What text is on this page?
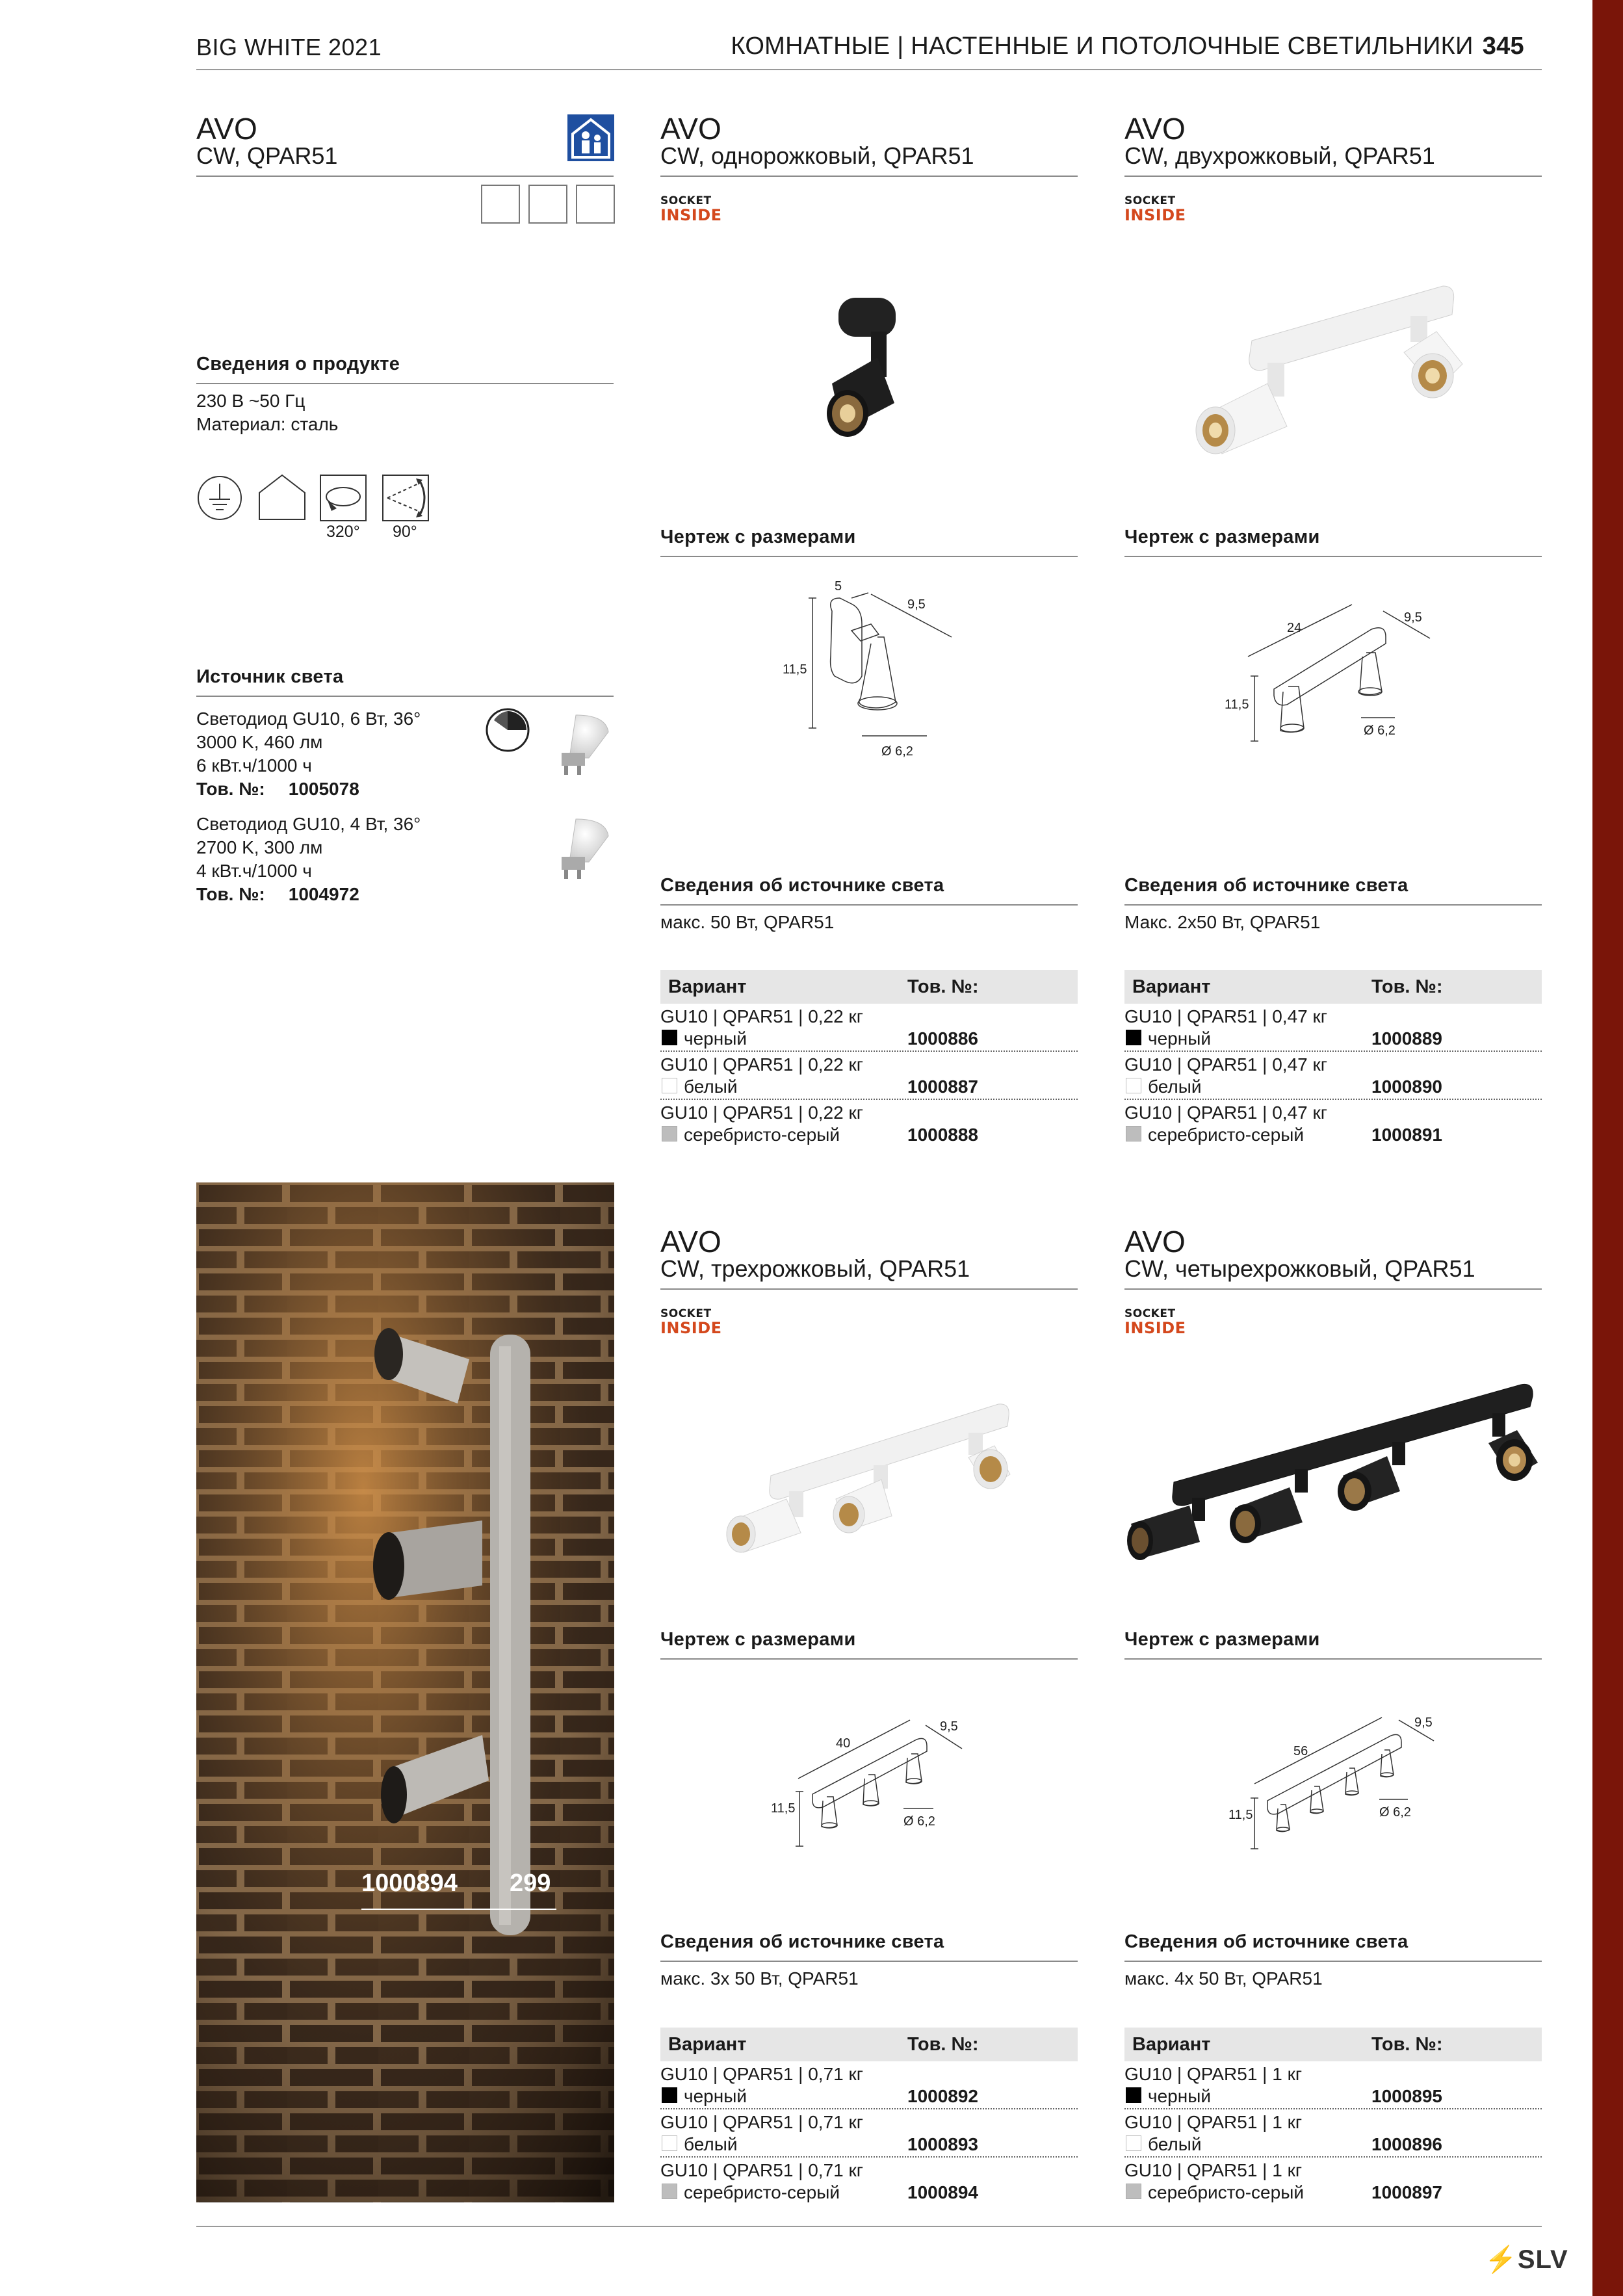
BIG WHITE 2021	КОМНАТНЫЕ | НАСТЕННЫЕ И ПОТОЛОЧНЫЕ СВЕТИЛЬНИКИ 345
AVO
CW, QPAR51
Сведения о продукте
230 В ~50 Гц
Материал: сталь
320° 90°
Источник света
Светодиод GU10, 6 Вт, 36°
3000 K, 460 лм
6 кВт.ч/1000 ч
Тов. №: 1005078
Светодиод GU10, 4 Вт, 36°
2700 K, 300 лм
4 кВт.ч/1000 ч
Тов. №: 1004972
AVO
CW, однорожковый, QPAR51
SOCKET
INSIDE
Чертеж с размерами
5
9,5
11,5
Ø 6,2
Сведения об источнике света
макс. 50 Вт, QPAR51
Вариант	Тов. №:
GU10 | QPAR51 | 0,22 кг
черный	1000886
GU10 | QPAR51 | 0,22 кг
белый	1000887
GU10 | QPAR51 | 0,22 кг
серебристо-серый	1000888
AVO
CW, двухрожковый, QPAR51
SOCKET
INSIDE
Чертеж с размерами
24
9,5
11,5
Ø 6,2
Сведения об источнике света
Макс. 2x50 Вт, QPAR51
Вариант	Тов. №:
GU10 | QPAR51 | 0,47 кг
черный	1000889
GU10 | QPAR51 | 0,47 кг
белый	1000890
GU10 | QPAR51 | 0,47 кг
серебристо-серый	1000891
1000894 299
AVO
CW, трехрожковый, QPAR51
SOCKET
INSIDE
Чертеж с размерами
40
9,5
11,5
Ø 6,2
Сведения об источнике света
макс. 3x 50 Вт, QPAR51
Вариант	Тов. №:
GU10 | QPAR51 | 0,71 кг
черный	1000892
GU10 | QPAR51 | 0,71 кг
белый	1000893
GU10 | QPAR51 | 0,71 кг
серебристо-серый	1000894
AVO
CW, четырехрожковый, QPAR51
SOCKET
INSIDE
Чертеж с размерами
56
9,5
11,5	Ø 6,2
Сведения об источнике света
макс. 4x 50 Вт, QPAR51
Вариант	Тов. №:
GU10 | QPAR51 | 1 кг
черный	1000895
GU10 | QPAR51 | 1 кг
белый	1000896
GU10 | QPAR51 | 1 кг
серебристо-серый	1000897
⚡SLV
